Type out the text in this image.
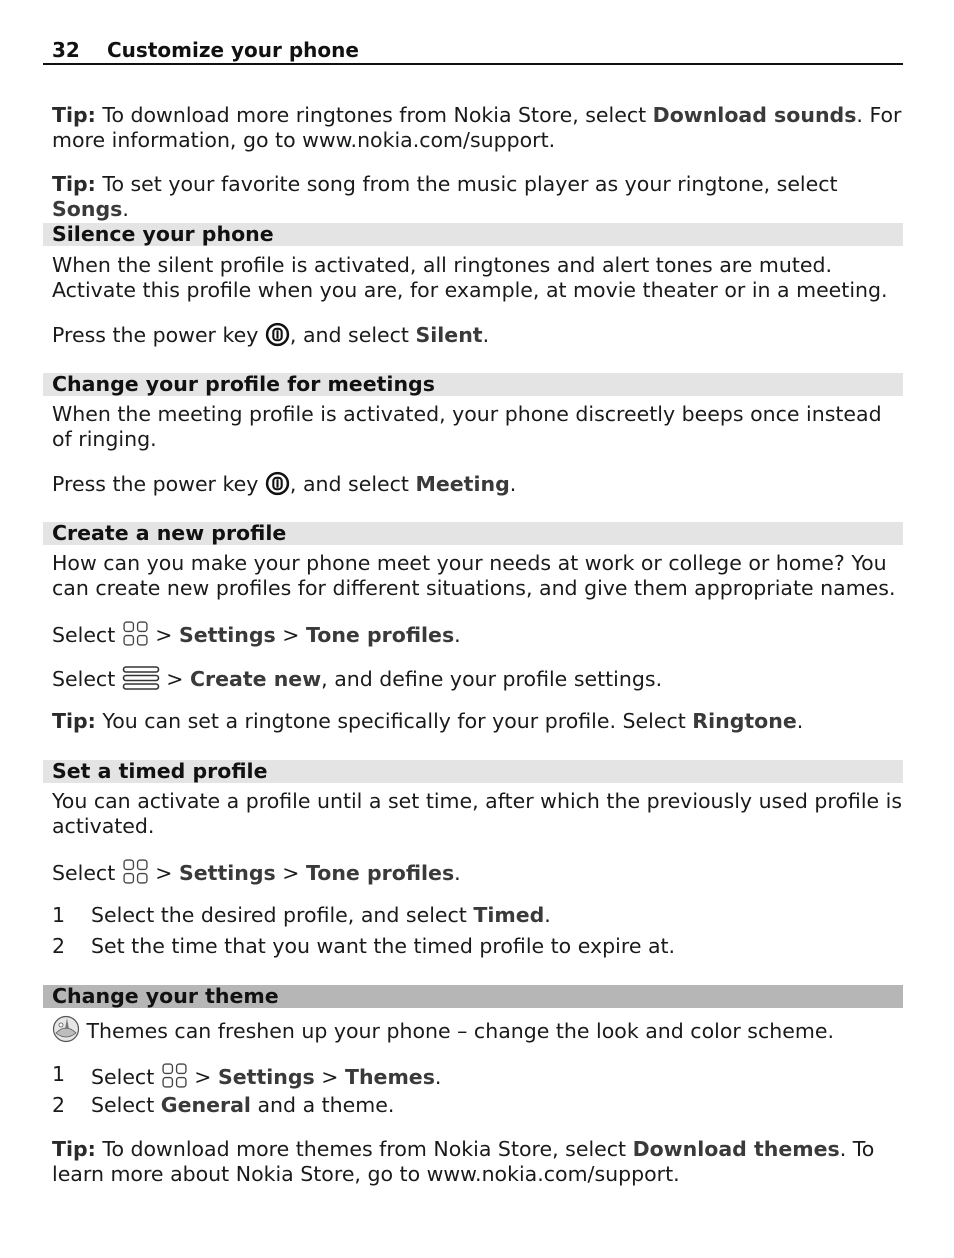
32 Customize your phone

Tip: To download more ringtones from Nokia Store, select Download sounds. For more information, go to www.nokia.com/support.

Tip: To set your favorite song from the music player as your ringtone, select Songs.

Silence your phone

When the silent profile is activated, all ringtones and alert tones are muted. Activate this profile when you are, for example, at movie theater or in a meeting.

Press the power key
, and select Silent.

Change your profile for meetings

When the meeting profile is activated, your phone discreetly beeps once instead of ringing.

Press the power key
, and select Meeting.

Create a new profile

How can you make your phone meet your needs at work or college or home? You can create new profiles for different situations, and give them appropriate names.

Select
> Settings > Tone profiles.

Select
> Create new, and define your profile settings.

Tip: You can set a ringtone specifically for your profile. Select Ringtone.

Set a timed profile

You can activate a profile until a set time, after which the previously used profile is activated.

Select
> Settings > Tone profiles.

1 Select the desired profile, and select Timed.
2 Set the time that you want the timed profile to expire at.
Change your theme

Themes can freshen up your phone – change the look and color scheme.

1 Select
> Settings > Themes.
2 Select General and a theme.

Tip: To download more themes from Nokia Store, select Download themes. To learn more about Nokia Store, go to www.nokia.com/support.
